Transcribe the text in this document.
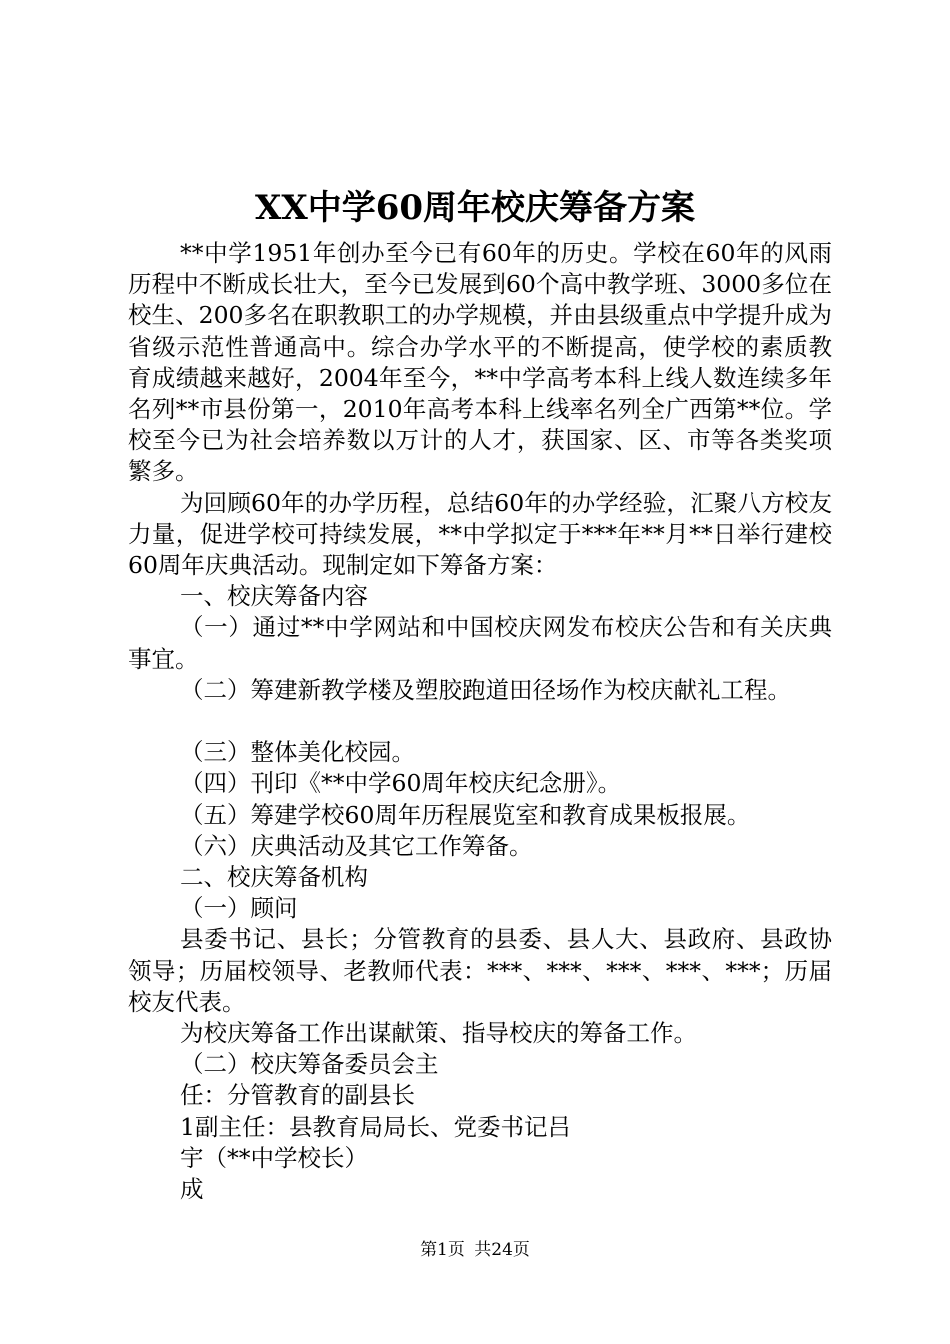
XX中学60周年校庆筹备方案

**中学1951年创办至今已有60年的历史。学校在60年的风雨历程中不断成长壮大，至今已发展到60个高中教学班、3000多位在校生、200多名在职教职工的办学规模，并由县级重点中学提升成为省级示范性普通高中。综合办学水平的不断提高，使学校的素质教育成绩越来越好，2004年至今，**中学高考本科上线人数连续多年名列**市县份第一，2010年高考本科上线率名列全广西第**位。学校至今已为社会培养数以万计的人才，获国家、区、市等各类奖项繁多。

为回顾60年的办学历程，总结60年的办学经验，汇聚八方校友力量，促进学校可持续发展，**中学拟定于***年**月**日举行建校60周年庆典活动。现制定如下筹备方案：

一、校庆筹备内容

（一）通过**中学网站和中国校庆网发布校庆公告和有关庆典事宜。

（二）筹建新教学楼及塑胶跑道田径场作为校庆献礼工程。

（三）整体美化校园。

（四）刊印《**中学60周年校庆纪念册》。

（五）筹建学校60周年历程展览室和教育成果板报展。

（六）庆典活动及其它工作筹备。

二、校庆筹备机构

（一）顾问

县委书记、县长；分管教育的县委、县人大、县政府、县政协领导；历届校领导、老教师代表：***、***、***、***、***；历届校友代表。

为校庆筹备工作出谋献策、指导校庆的筹备工作。

（二）校庆筹备委员会主

任：分管教育的副县长

1副主任：县教育局局长、党委书记吕

宇（**中学校长）

成

第1页 共24页
